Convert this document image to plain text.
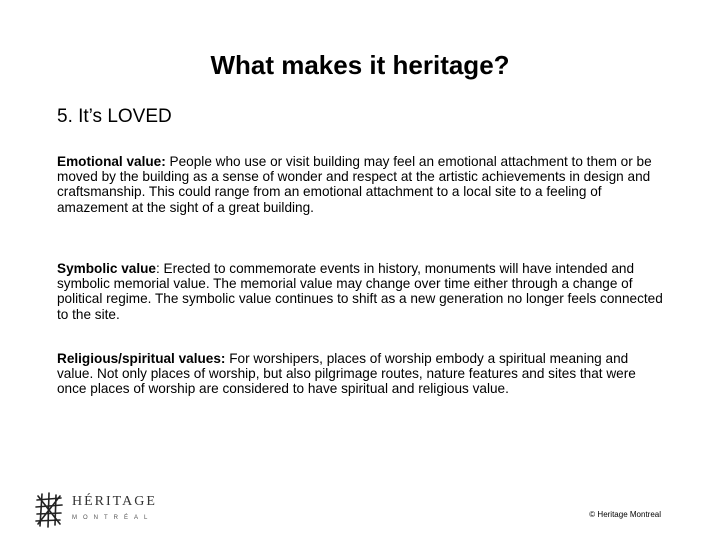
What makes it heritage?
5. It’s LOVED

Emotional value: People who use or visit building may feel an emotional attachment to them or be moved by the building as a sense of wonder and respect at the artistic achievements in design and craftsmanship. This could range from an emotional attachment to a local site to a feeling of amazement at the sight of a great building.

Symbolic value: Erected to commemorate events in history, monuments will have intended and symbolic memorial value. The memorial value may change over time either through a change of political regime. The symbolic value continues to shift as a new generation no longer feels connected to the site.

Religious/spiritual values: For worshipers, places of worship embody a spiritual meaning and value. Not only places of worship, but also pilgrimage routes, nature features and sites that were once places of worship are considered to have spiritual and religious value.

HÉRITAGE
MONTRÉAL	© Heritage Montreal
